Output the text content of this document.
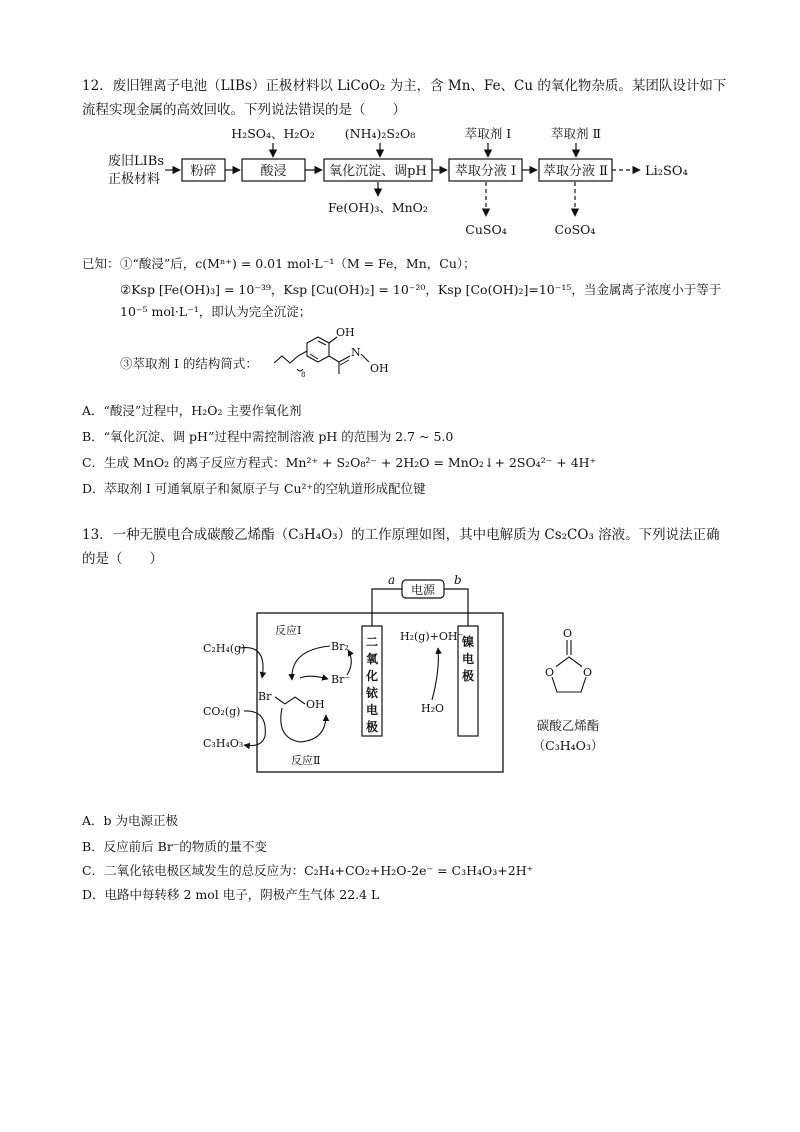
12．废旧锂离子电池（LIBs）正极材料以 LiCoO₂ 为主，含 Mn、Fe、Cu 的氧化物杂质。某团队设计如下
流程实现金属的高效回收。下列说法错误的是（　　）
废旧LIBs
正极材料
粉碎	酸浸	氧化沉淀、调pH 萃取分液 Ⅰ 萃取分液 Ⅱ	Li₂SO₄
H₂SO₄、H₂O₂ (NH₄)₂S₂O₈	萃取剂 Ⅰ	萃取剂 Ⅱ
Fe(OH)₃、MnO₂
CuSO₄	CoSO₄
已知： ①“酸浸”后，c(Mⁿ⁺) = 0.01 mol·L⁻¹（M = Fe，Mn，Cu）；
②Ksp [Fe(OH)₃] = 10⁻³⁹，Ksp [Cu(OH)₂] = 10⁻²⁰，Ksp [Co(OH)₂]=10⁻¹⁵，当金属离子浓度小于等于
10⁻⁵ mol·L⁻¹，即认为完全沉淀；
③萃取剂 I 的结构简式：
8
OH
N
OH
A．“酸浸”过程中，H₂O₂ 主要作氧化剂
B．“氧化沉淀、调 pH”过程中需控制溶液 pH 的范围为 2.7 ~ 5.0
C．生成 MnO₂ 的离子反应方程式：Mn²⁺ + S₂O₈²⁻ + 2H₂O = MnO₂↓+ 2SO₄²⁻ + 4H⁺
D．萃取剂 I 可通氧原子和氮原子与 Cu²⁺的空轨道形成配位键
13．一种无膜电合成碳酸乙烯酯（C₃H₄O₃）的工作原理如图，其中电解质为 Cs₂CO₃ 溶液。下列说法正确
的是（　　）
电源
a	b
二
氧
化
铱
电
极
镍
电
极
H₂(g)+OH⁻
H₂O
反应Ⅰ
C₂H₄(g)	Br₂
Br⁻
Br
OH
CO₂(g)
C₃H₄O₃
反应Ⅱ
O
O	O
碳酸乙烯酯
（C₃H₄O₃）
A．b 为电源正极
B．反应前后 Br⁻的物质的量不变
C．二氧化铱电极区域发生的总反应为：C₂H₄+CO₂+H₂O-2e⁻ = C₃H₄O₃+2H⁺
D．电路中每转移 2 mol 电子，阴极产生气体 22.4 L
